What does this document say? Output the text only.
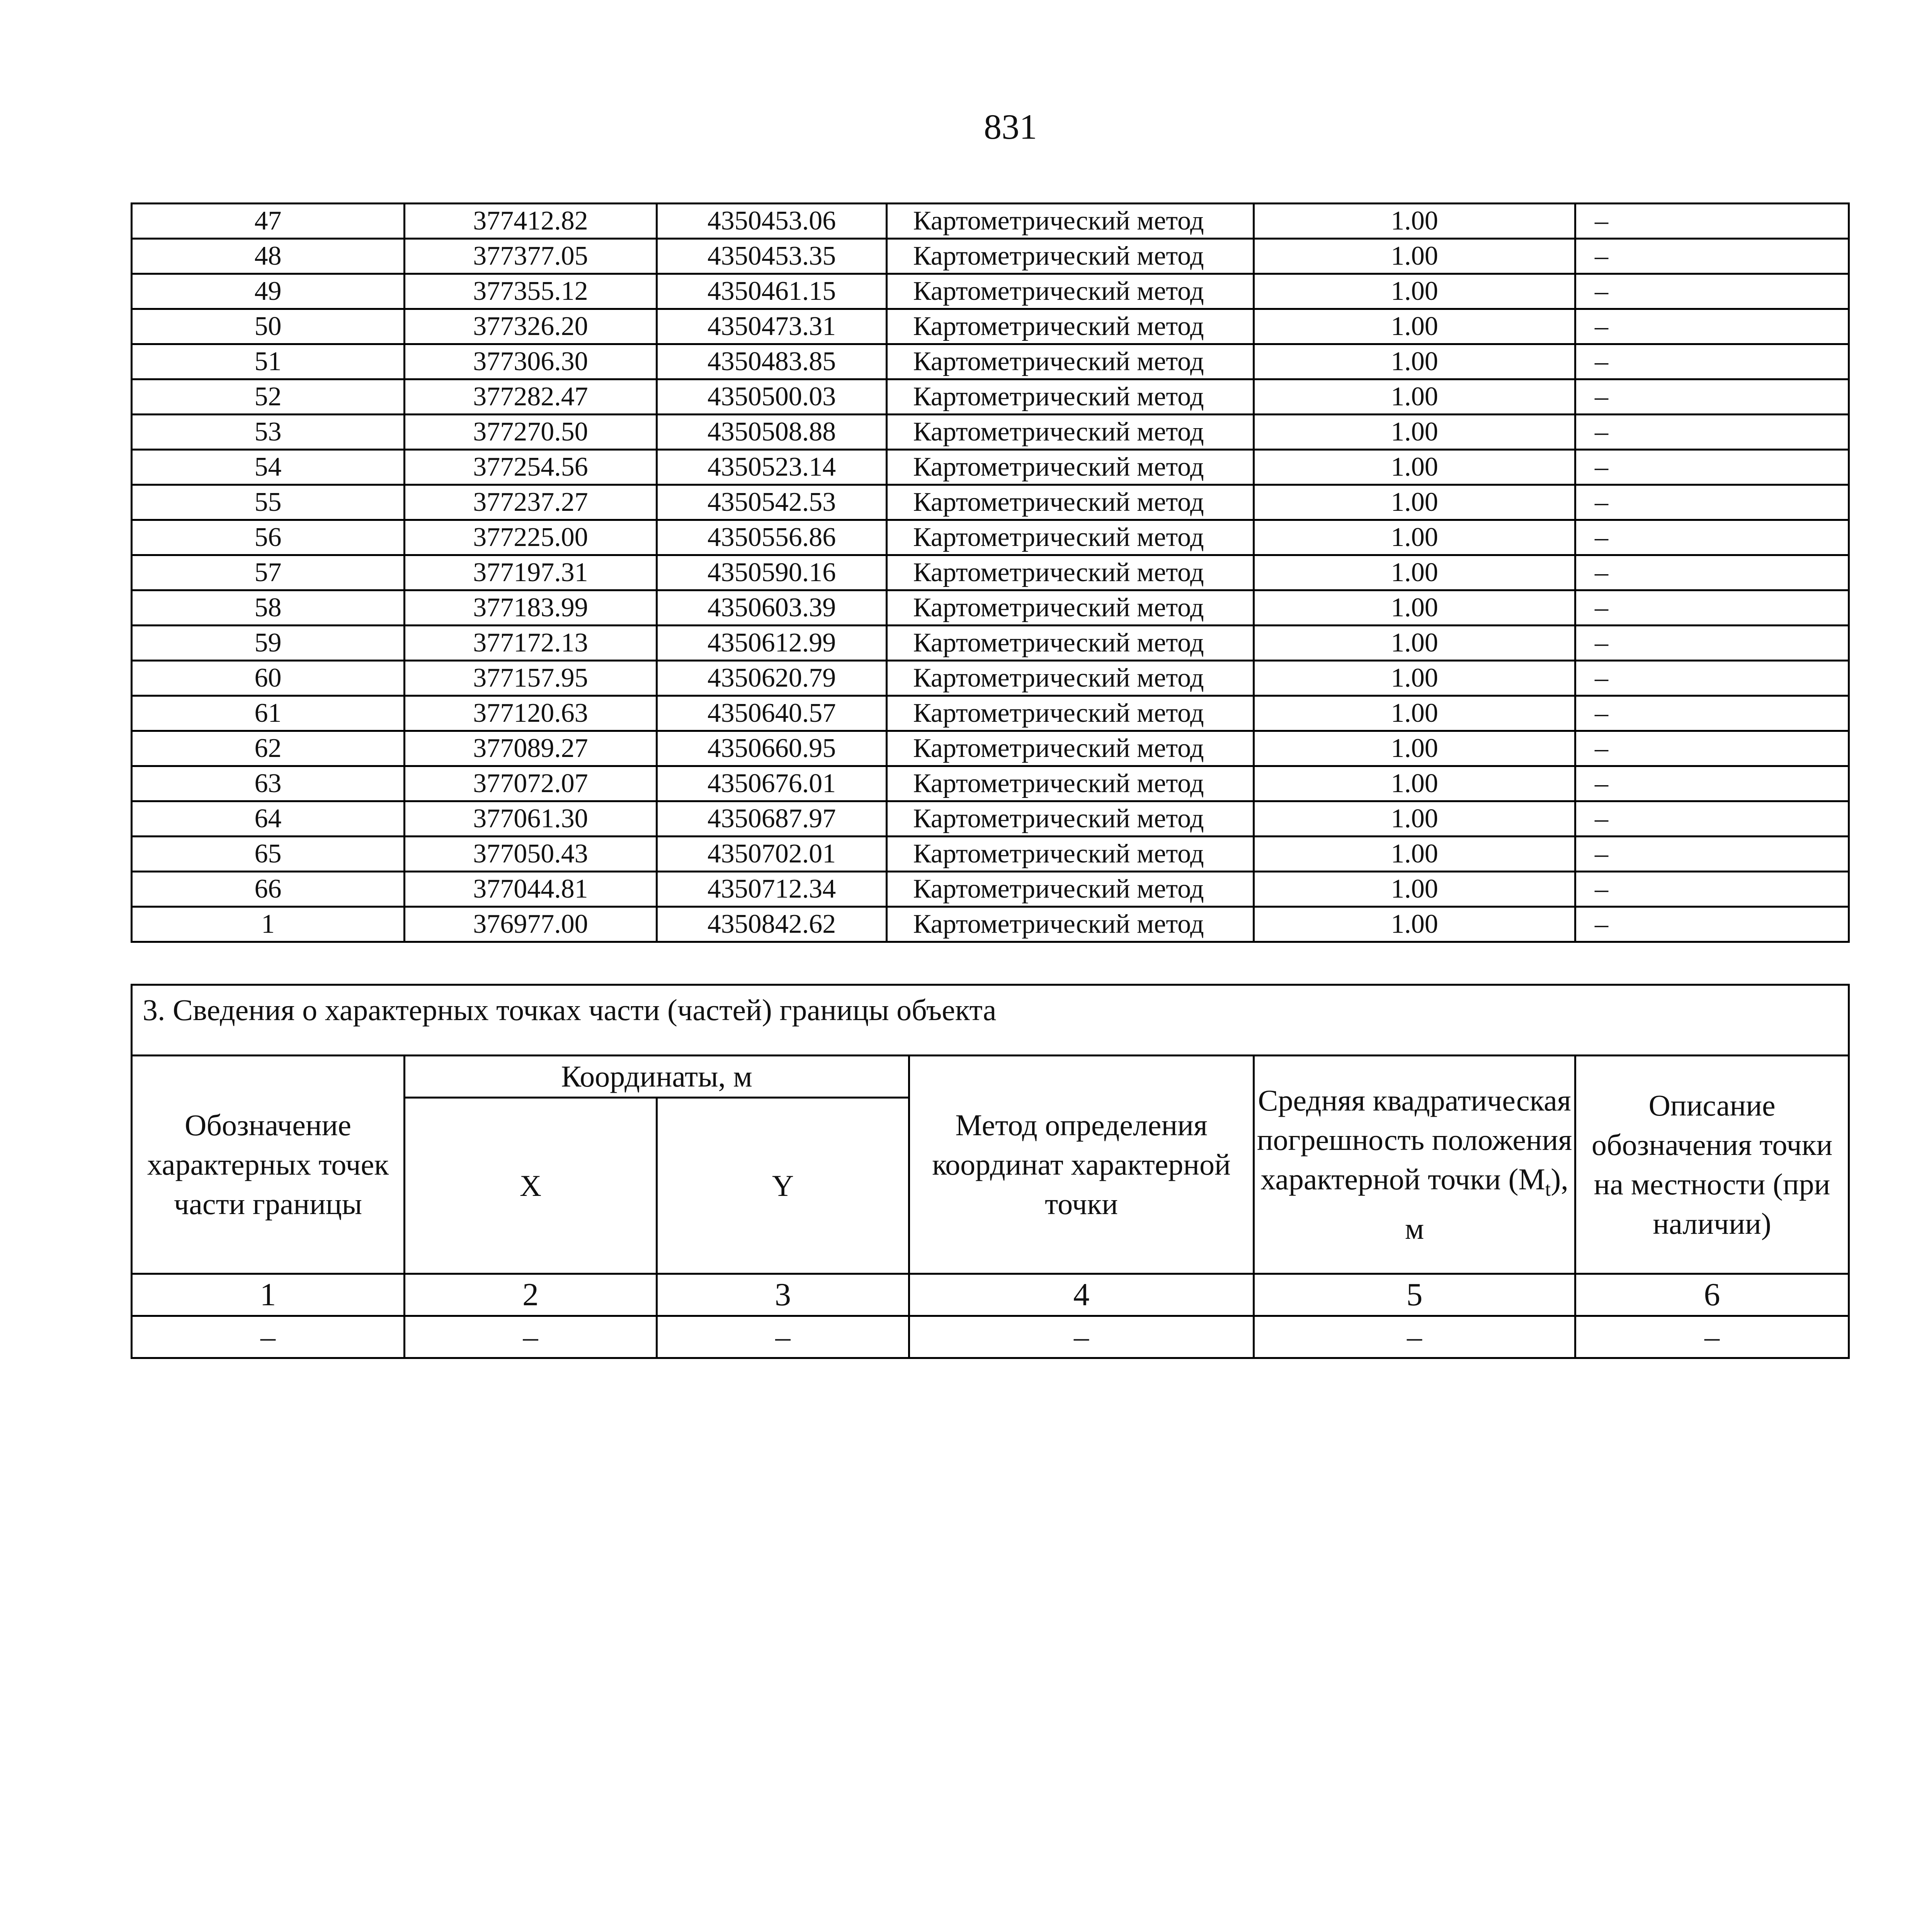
831
47	377412.82	4350453.06	Картометрический метод	1.00	–
48	377377.05	4350453.35	Картометрический метод	1.00	–
49	377355.12	4350461.15	Картометрический метод	1.00	–
50	377326.20	4350473.31	Картометрический метод	1.00	–
51	377306.30	4350483.85	Картометрический метод	1.00	–
52	377282.47	4350500.03	Картометрический метод	1.00	–
53	377270.50	4350508.88	Картометрический метод	1.00	–
54	377254.56	4350523.14	Картометрический метод	1.00	–
55	377237.27	4350542.53	Картометрический метод	1.00	–
56	377225.00	4350556.86	Картометрический метод	1.00	–
57	377197.31	4350590.16	Картометрический метод	1.00	–
58	377183.99	4350603.39	Картометрический метод	1.00	–
59	377172.13	4350612.99	Картометрический метод	1.00	–
60	377157.95	4350620.79	Картометрический метод	1.00	–
61	377120.63	4350640.57	Картометрический метод	1.00	–
62	377089.27	4350660.95	Картометрический метод	1.00	–
63	377072.07	4350676.01	Картометрический метод	1.00	–
64	377061.30	4350687.97	Картометрический метод	1.00	–
65	377050.43	4350702.01	Картометрический метод	1.00	–
66	377044.81	4350712.34	Картометрический метод	1.00	–
1	376977.00	4350842.62	Картометрический метод	1.00	–
3. Сведения о характерных точках части (частей) границы объекта					
Обозначение характерных точек части границы	Координаты, м		Метод определения координат характерной точки	Средняя квадратическая погрешность положения характерной точки $(M_t)$, м	Описание обозначения точки на местности (при наличии)
	X	Y			
1	2	3	4	5	6
–	–	–	–	–	–
